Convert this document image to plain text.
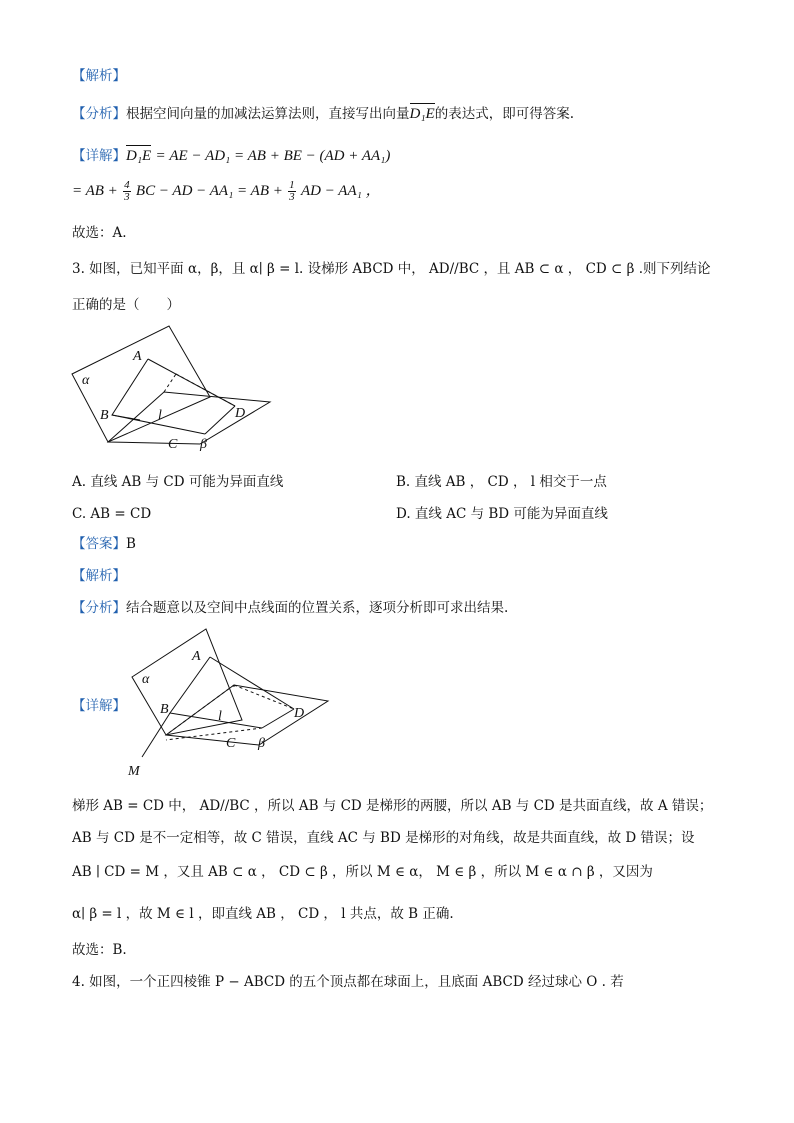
【解析】
【分析】根据空间向量的加减法运算法则，直接写出向量D₁E的表达式，即可得答案.
【详解】D₁E = AE − AD₁ = AB + BE − (AD + AA₁)
= AB + $\frac{4}{3}$ BC − AD − AA₁ = AB + $\frac{1}{3}$ AD − AA₁ ，
故选：A.
3. 如图，已知平面 α，β，且 α∣ β = l. 设梯形 ABCD 中， AD//BC ，且 AB ⊂ α ， CD ⊂ β .则下列结论
正确的是（　　）
α
A
B	l	D
C β
A. 直线 AB 与 CD 可能为异面直线	B. 直线 AB ， CD ， l 相交于一点
C. AB = CD	D. 直线 AC 与 BD 可能为异面直线
【答案】B
【解析】
【分析】结合题意以及空间中点线面的位置关系，逐项分析即可求出结果.
【详解】
α
A
B	l	D
C β
M
梯形 AB = CD 中， AD//BC ，所以 AB 与 CD 是梯形的两腰，所以 AB 与 CD 是共面直线，故 A 错误；
AB 与 CD 是不一定相等，故 C 错误，直线 AC 与 BD 是梯形的对角线，故是共面直线，故 D 错误；设
AB ∣ CD = M ，又且 AB ⊂ α ， CD ⊂ β ，所以 M ∈ α， M ∈ β ，所以 M ∈ α ∩ β ，又因为
α∣ β = l ，故 M ∈ l ，即直线 AB ， CD ， l 共点，故 B 正确.
故选：B.
4. 如图，一个正四棱锥 P − ABCD 的五个顶点都在球面上，且底面 ABCD 经过球心 O . 若
